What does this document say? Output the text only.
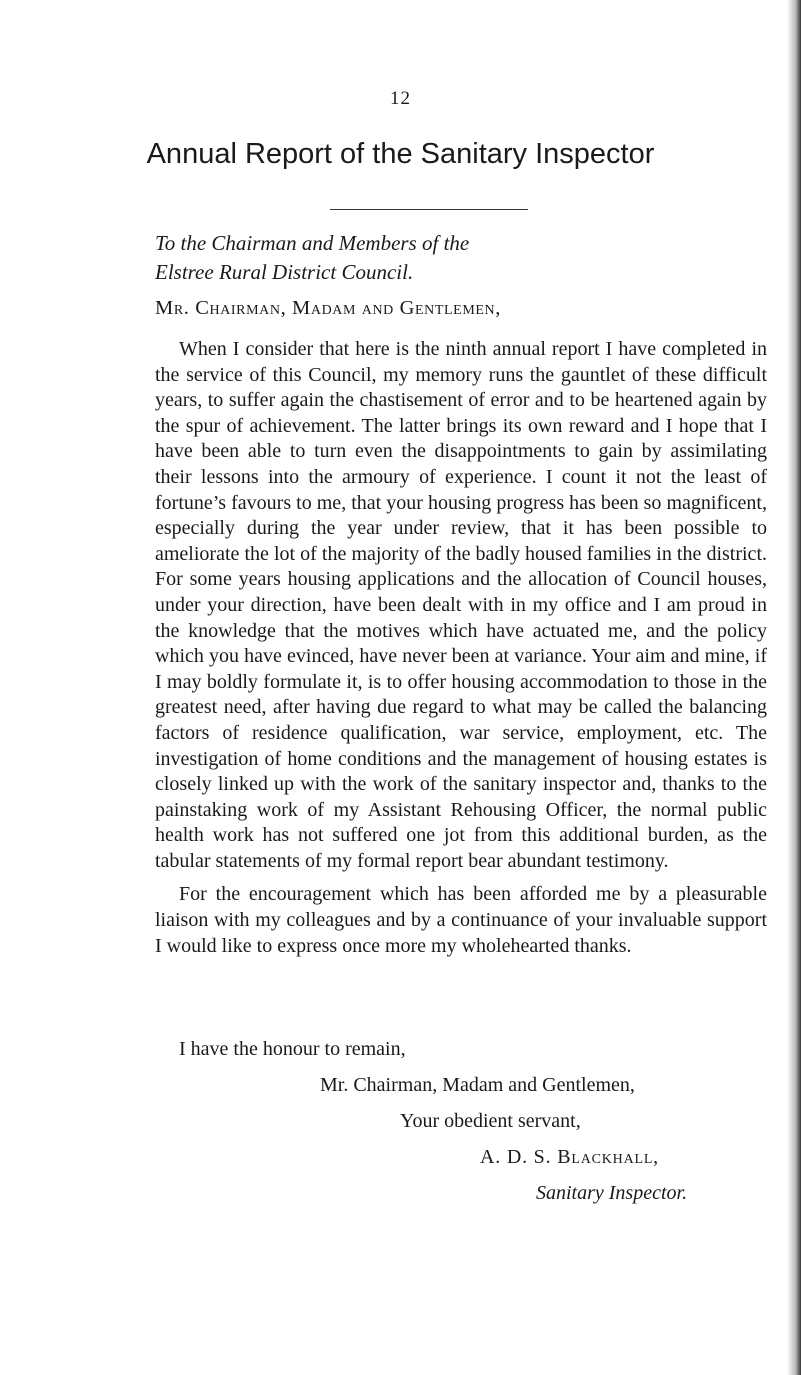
12
Annual Report of the Sanitary Inspector
To the Chairman and Members of the
Elstree Rural District Council.
Mr. Chairman, Madam and Gentlemen,

When I consider that here is the ninth annual report I have completed in the service of this Council, my memory runs the gauntlet of these difficult years, to suffer again the chastisement of error and to be heartened again by the spur of achievement. The latter brings its own reward and I hope that I have been able to turn even the disappointments to gain by assimilating their lessons into the armoury of experience. I count it not the least of fortune’s favours to me, that your housing progress has been so magnificent, especially during the year under review, that it has been possible to ameliorate the lot of the majority of the badly housed families in the district. For some years housing applications and the allocation of Council houses, under your direction, have been dealt with in my office and I am proud in the knowledge that the motives which have actuated me, and the policy which you have evinced, have never been at variance. Your aim and mine, if I may boldly formulate it, is to offer housing accommodation to those in the greatest need, after having due regard to what may be called the balancing factors of residence qualification, war service, employment, etc. The investigation of home conditions and the management of housing estates is closely linked up with the work of the sanitary inspector and, thanks to the painstaking work of my Assistant Rehousing Officer, the normal public health work has not suffered one jot from this additional burden, as the tabular statements of my formal report bear abundant testimony.

For the encouragement which has been afforded me by a pleasurable liaison with my colleagues and by a continuance of your invaluable support I would like to express once more my wholehearted thanks.

I have the honour to remain,
Mr. Chairman, Madam and Gentlemen,
Your obedient servant,
A. D. S. Blackhall,
Sanitary Inspector.
